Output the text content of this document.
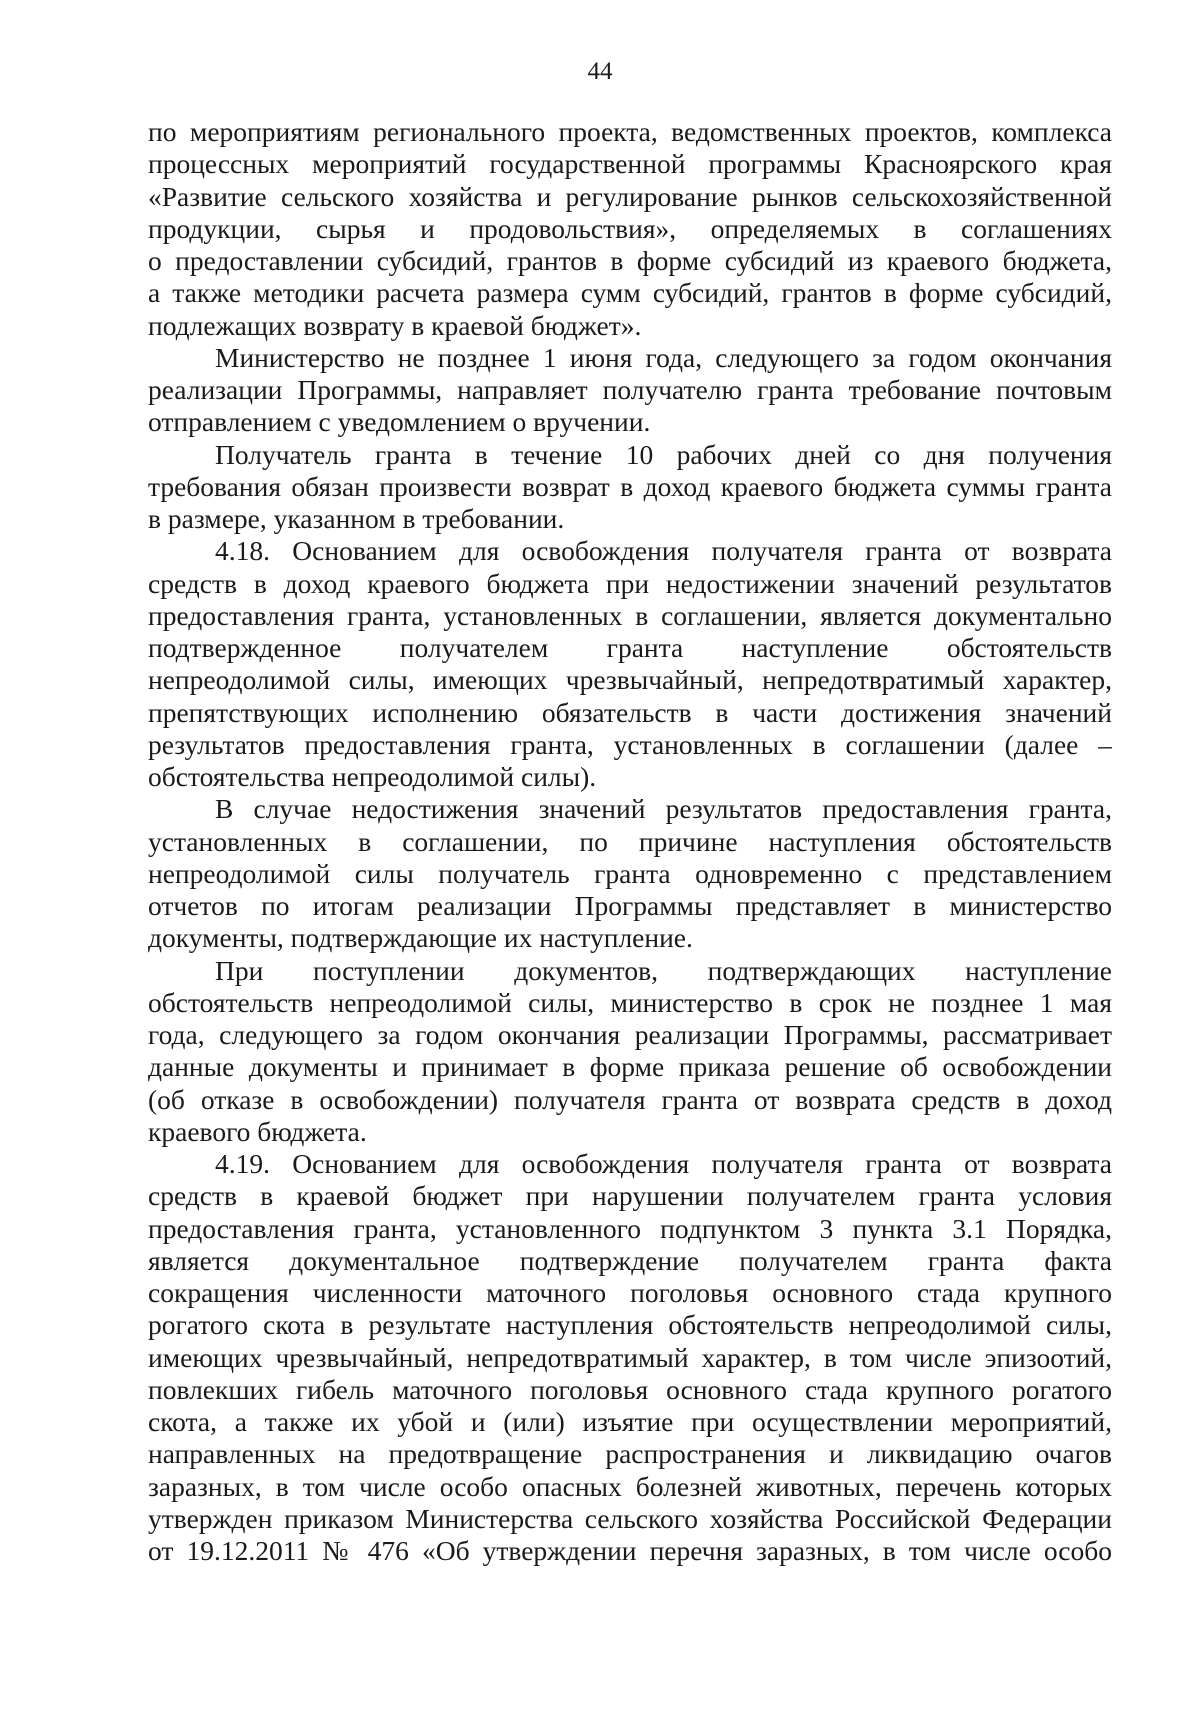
44
по мероприятиям регионального проекта, ведомственных проектов, комплекса
процессных мероприятий государственной программы Красноярского края
«Развитие сельского хозяйства и регулирование рынков сельскохозяйственной
продукции, сырья и продовольствия», определяемых в соглашениях
о предоставлении субсидий, грантов в форме субсидий из краевого бюджета,
а также методики расчета размера сумм субсидий, грантов в форме субсидий,
подлежащих возврату в краевой бюджет».
Министерство не позднее 1 июня года, следующего за годом окончания
реализации Программы, направляет получателю гранта требование почтовым
отправлением с уведомлением о вручении.
Получатель гранта в течение 10 рабочих дней со дня получения
требования обязан произвести возврат в доход краевого бюджета суммы гранта
в размере, указанном в требовании.
4.18. Основанием для освобождения получателя гранта от возврата
средств в доход краевого бюджета при недостижении значений результатов
предоставления гранта, установленных в соглашении, является документально
подтвержденное получателем гранта наступление обстоятельств
непреодолимой силы, имеющих чрезвычайный, непредотвратимый характер,
препятствующих исполнению обязательств в части достижения значений
результатов предоставления гранта, установленных в соглашении (далее –
обстоятельства непреодолимой силы).
В случае недостижения значений результатов предоставления гранта,
установленных в соглашении, по причине наступления обстоятельств
непреодолимой силы получатель гранта одновременно с представлением
отчетов по итогам реализации Программы представляет в министерство
документы, подтверждающие их наступление.
При поступлении документов, подтверждающих наступление
обстоятельств непреодолимой силы, министерство в срок не позднее 1 мая
года, следующего за годом окончания реализации Программы, рассматривает
данные документы и принимает в форме приказа решение об освобождении
(об отказе в освобождении) получателя гранта от возврата средств в доход
краевого бюджета.
4.19. Основанием для освобождения получателя гранта от возврата
средств в краевой бюджет при нарушении получателем гранта условия
предоставления гранта, установленного подпунктом 3 пункта 3.1 Порядка,
является документальное подтверждение получателем гранта факта
сокращения численности маточного поголовья основного стада крупного
рогатого скота в результате наступления обстоятельств непреодолимой силы,
имеющих чрезвычайный, непредотвратимый характер, в том числе эпизоотий,
повлекших гибель маточного поголовья основного стада крупного рогатого
скота, а также их убой и (или) изъятие при осуществлении мероприятий,
направленных на предотвращение распространения и ликвидацию очагов
заразных, в том числе особо опасных болезней животных, перечень которых
утвержден приказом Министерства сельского хозяйства Российской Федерации
от 19.12.2011 № 476 «Об утверждении перечня заразных, в том числе особо
